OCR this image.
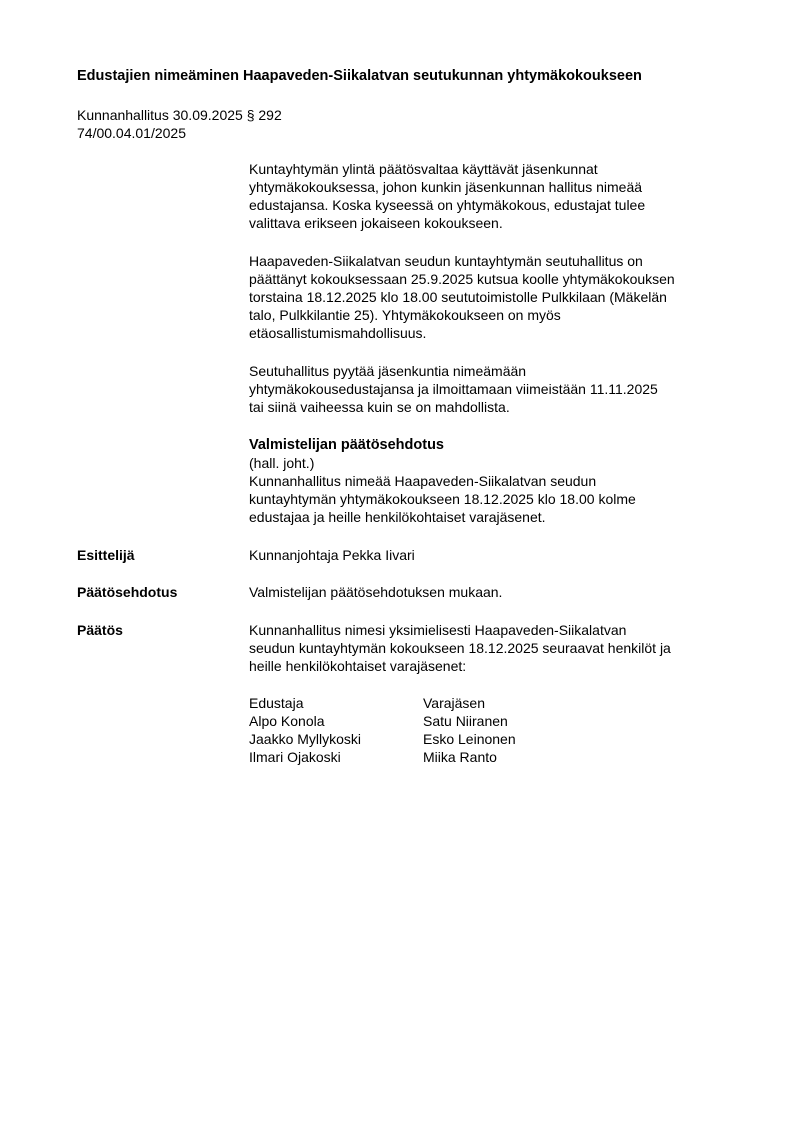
Edustajien nimeäminen Haapaveden-Siikalatvan seutukunnan yhtymäkokoukseen
Kunnanhallitus 30.09.2025 § 292
74/00.04.01/2025
Kuntayhtymän ylintä päätösvaltaa käyttävät jäsenkunnat
yhtymäkokouksessa, johon kunkin jäsenkunnan hallitus nimeää
edustajansa. Koska kyseessä on yhtymäkokous, edustajat tulee
valittava erikseen jokaiseen kokoukseen.
Haapaveden-Siikalatvan seudun kuntayhtymän seutuhallitus on
päättänyt kokouksessaan 25.9.2025 kutsua koolle yhtymäkokouksen
torstaina 18.12.2025 klo 18.00 seututoimistolle Pulkkilaan (Mäkelän
talo, Pulkkilantie 25). Yhtymäkokoukseen on myös
etäosallistumismahdollisuus.
Seutuhallitus pyytää jäsenkuntia nimeämään
yhtymäkokousedustajansa ja ilmoittamaan viimeistään 11.11.2025
tai siinä vaiheessa kuin se on mahdollista.
Valmistelijan päätösehdotus
(hall. joht.)
Kunnanhallitus nimeää Haapaveden-Siikalatvan seudun
kuntayhtymän yhtymäkokoukseen 18.12.2025 klo 18.00 kolme
edustajaa ja heille henkilökohtaiset varajäsenet.
Esittelijä	Kunnanjohtaja Pekka Iivari
Päätösehdotus	Valmistelijan päätösehdotuksen mukaan.
Päätös	Kunnanhallitus nimesi yksimielisesti Haapaveden-Siikalatvan
seudun kuntayhtymän kokoukseen 18.12.2025 seuraavat henkilöt ja
heille henkilökohtaiset varajäsenet:
Edustaja	Varajäsen
Alpo Konola	Satu Niiranen
Jaakko Myllykoski	Esko Leinonen
Ilmari Ojakoski	Miika Ranto
